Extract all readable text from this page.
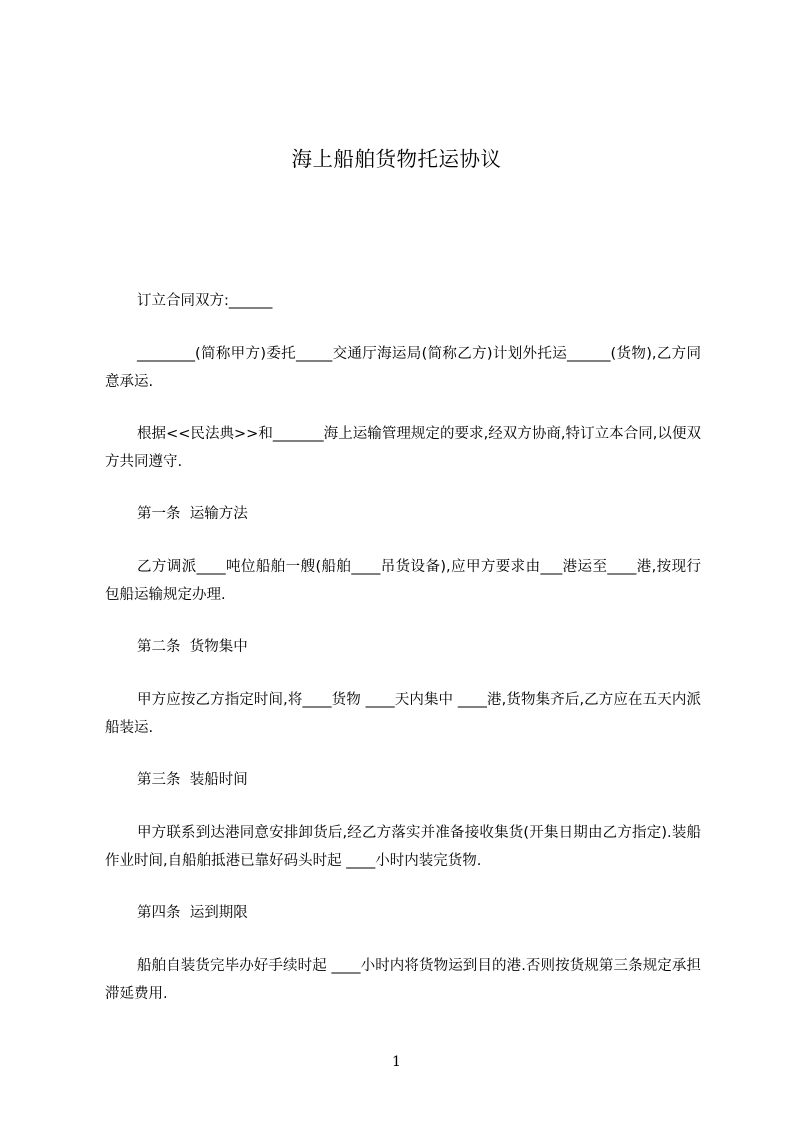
海上船舶货物托运协议
订立合同双方:______
________(简称甲方)委托_____交通厅海运局(简称乙方)计划外托运______(货物),乙方同意承运.
根据<<民法典>>和_______海上运输管理规定的要求,经双方协商,特订立本合同,以便双方共同遵守.
第一条  运输方法
乙方调派____吨位船舶一艘(船舶____吊货设备),应甲方要求由___港运至____港,按现行包船运输规定办理.
第二条  货物集中
甲方应按乙方指定时间,将____货物 ____天内集中 ____港,货物集齐后,乙方应在五天内派船装运.
第三条  装船时间
甲方联系到达港同意安排卸货后,经乙方落实并准备接收集货(开集日期由乙方指定).装船作业时间,自船舶抵港已靠好码头时起 ____小时内装完货物.
第四条  运到期限
船舶自装货完毕办好手续时起 ____小时内将货物运到目的港.否则按货规第三条规定承担滞延费用.
1
